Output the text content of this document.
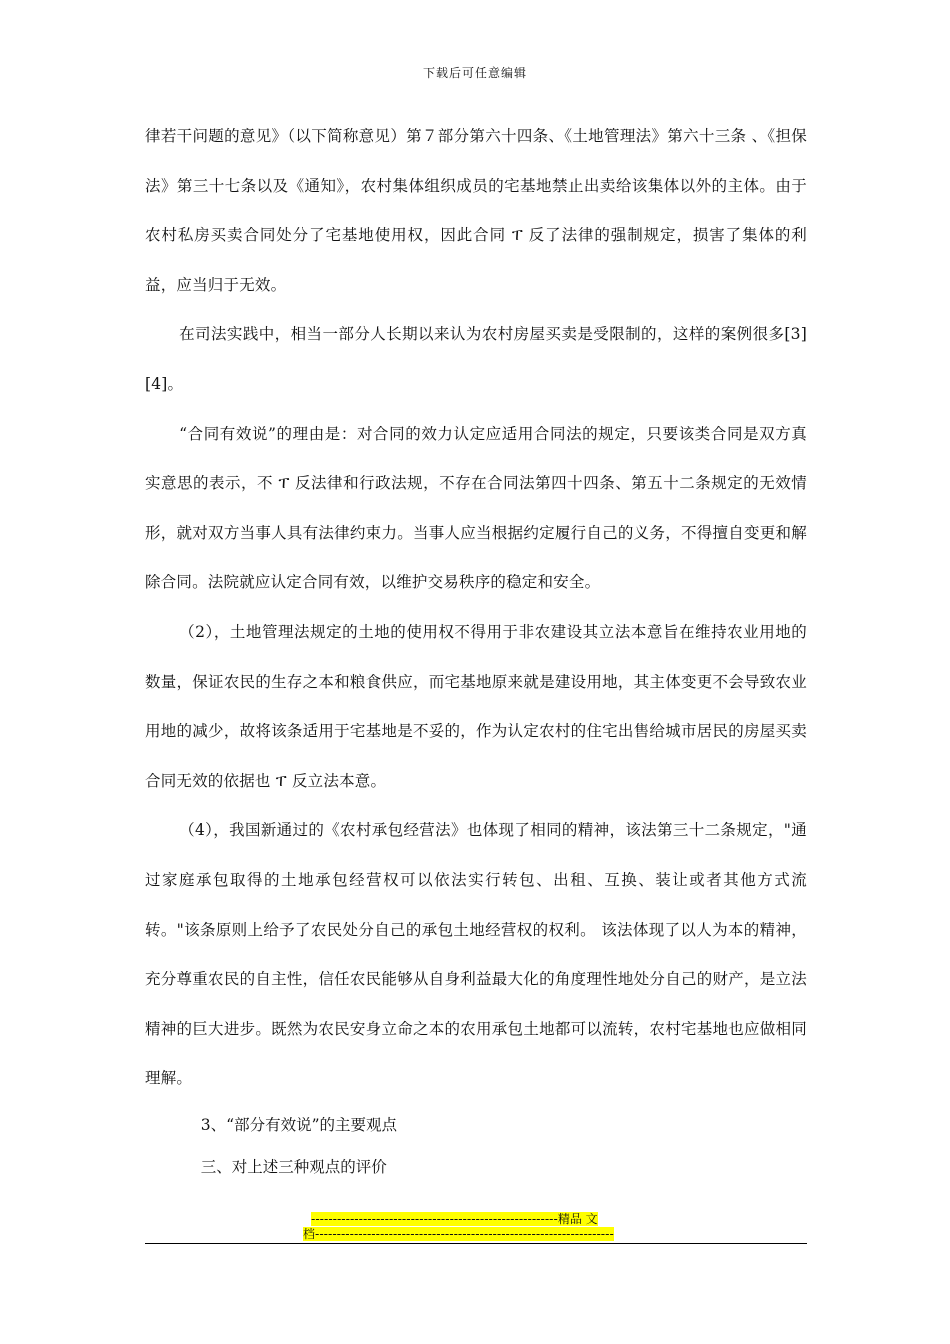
下载后可任意编辑

律若干问题的意见》（以下简称意见）第７部分第六十四条、《土地管理法》第六十三条 、《担保法》第三十七条以及《通知》，农村集体组织成员的宅基地禁止出卖给该集体以外的主体。由于农村私房买卖合同处分了宅基地使用权，因此合同 ፐ 反了法律的强制规定，损害了集体的利益，应当归于无效。

在司法实践中，相当一部分人长期以来认为农村房屋买卖是受限制的，这样的案例很多[3][4]。

“合同有效说”的理由是：对合同的效力认定应适用合同法的规定，只要该类合同是双方真实意思的表示，不 ፐ 反法律和行政法规，不存在合同法第四十四条、第五十二条规定的无效情形，就对双方当事人具有法律约束力。当事人应当根据约定履行自己的义务，不得擅自变更和解除合同。法院就应认定合同有效，以维护交易秩序的稳定和安全。

（2），土地管理法规定的土地的使用权不得用于非农建设其立法本意旨在维持农业用地的数量，保证农民的生存之本和粮食供应，而宅基地原来就是建设用地，其主体变更不会导致农业用地的减少，故将该条适用于宅基地是不妥的，作为认定农村的住宅出售给城市居民的房屋买卖合同无效的依据也 ፐ 反立法本意。

（4），我国新通过的《农村承包经营法》也体现了相同的精神，该法第三十二条规定，"通过家庭承包取得的土地承包经营权可以依法实行转包、出租、互换、装让或者其他方式流转。"该条原则上给予了农民处分自己的承包土地经营权的权利。 该法体现了以人为本的精神，充分尊重农民的自主性，信任农民能够从自身利益最大化的角度理性地处分自己的财产，是立法精神的巨大进步。既然为农民安身立命之本的农用承包土地都可以流转，农村宅基地也应做相同理解。

3、“部分有效说”的主要观点

三、对上述三种观点的评价

---------------------------------------------------------精品 文
档---------------------------------------------------------------------
